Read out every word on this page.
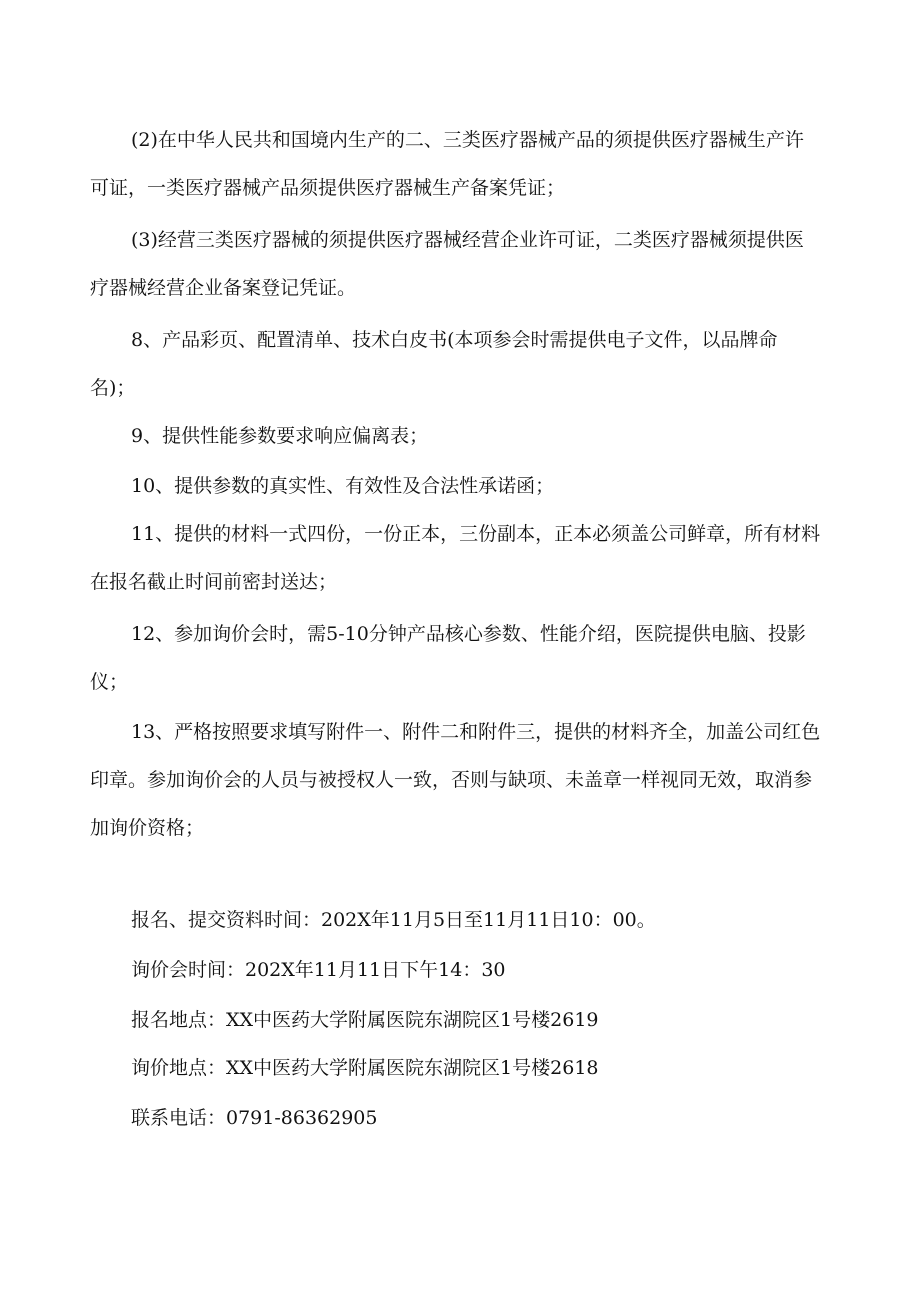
(2)在中华人民共和国境内生产的二、三类医疗器械产品的须提供医疗器械生产许
可证，一类医疗器械产品须提供医疗器械生产备案凭证；

(3)经营三类医疗器械的须提供医疗器械经营企业许可证，二类医疗器械须提供医
疗器械经营企业备案登记凭证。

8、产品彩页、配置清单、技术白皮书(本项参会时需提供电子文件，以品牌命
名)；

9、提供性能参数要求响应偏离表；

10、提供参数的真实性、有效性及合法性承诺函；

11、提供的材料一式四份，一份正本，三份副本，正本必须盖公司鲜章，所有材料
在报名截止时间前密封送达；

12、参加询价会时，需5-10分钟产品核心参数、性能介绍，医院提供电脑、投影
仪；

13、严格按照要求填写附件一、附件二和附件三，提供的材料齐全，加盖公司红色
印章。参加询价会的人员与被授权人一致，否则与缺项、未盖章一样视同无效，取消参
加询价资格；

报名、提交资料时间：202X年11月5日至11月11日10：00。

询价会时间：202X年11月11日下午14：30

报名地点：XX中医药大学附属医院东湖院区1号楼2619

询价地点：XX中医药大学附属医院东湖院区1号楼2618

联系电话：0791-86362905
